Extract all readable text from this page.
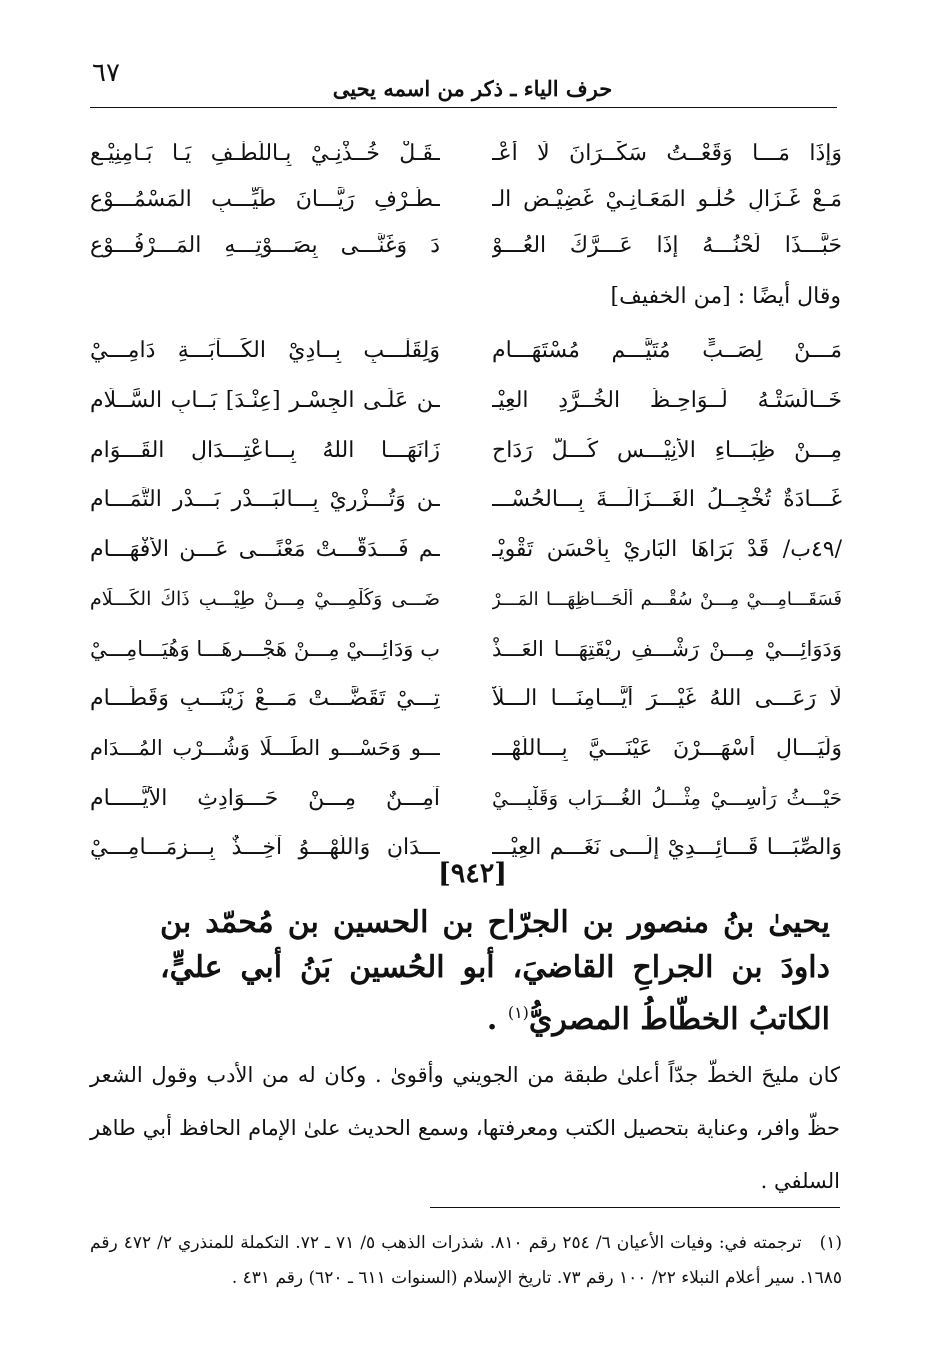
٦٧
حرف الياء ـ ذكر من اسمه يحيى
وَإِذَا مَـــا وَقَعْــتُ سَكْــرَانَ لَا أعْـ
ـقَـلْ خُــذْنِـيْ بِـاللُّطْـفِ يَـا بَـامِنِيْـعِ
مَـعْ غَـزَالٍ حُلْـوِ المَعَـانِـيْ غَضِيْـضِ الـ
ـطَّـرْفِ رَيَّـــانَ طَيِّـــبِ المَسْمُـــوْعِ
حَبَّـــذَا لَحْنُـــهُ إِذَا عَـــرَّكَ العُـــوْ
دَ وَغَنَّـــى بِصَـــوْتِـــهِ المَـــرْفُـــوْعِ
وقال أيضًا : [من الخفيف]
مَـــنْ لِصَــبٍّ مُتَيَّـــمٍ مُسْتَهَـــامِ
وَلِقَلْـــبٍ بِــادِيْ الكَـــآبَـــةِ دَامِـــيْ
خَــالَسَتْـهُ لَــوَاحِـظُ الخُــرَّدِ العِيْـ
ـنِ عَلَـى الجِسْـرِ [عِنْـدَ] بَــابِ السَّــلَامِ
مِـــنْ ظِبَـــاءِ الأَنِيْـــسِ كُـــلُّ رَدَاحٍ
زَانَهَـــا اللهُ بِـــاعْتِـــدَالِ القَـــوَامِ
غَـــادَةٌ تُخْجِــلُ الغَـــزَالَـــةَ بِـــالحُسْـــ
ـنِ وَتُـــزْرِيْ بِـــالبَـــدْرِ بَـــدْرِ التَّمَـــامِ
/٤٩ب/ قَدْ بَرَاهَا البَارِيْ بِأَحْسَنِ تَقْوِيْـ
ـمٍ فَـــدَقَّـــتْ مَعْنًـــى عَـــنِ الأَفْهَـــامِ
فَسَقَـــامِـــيْ مِـــنْ سُقْـــمِ أَلْحَـــاظِهَـــا المَـــرْ
ضَـــى وَكُلْمِـــيْ مِـــنْ طِيْـــبِ ذَاكَ الكَـــلَامِ
وَدَوَائِـــيْ مِـــنْ رَشْـــفِ رِيْقَتِهَـــا العَـــذْ
بِ وَدَائِـــيْ مِـــنْ هَجْـــرِهَـــا وَهُيَـــامِـــيْ
لَا رَعَـــى اللهُ غَيْـــرَ أَيَّـــامِنَـــا الـــلَّاْ
تِـــيْ تَقَضَّـــتْ مَـــعْ زَيْنَـــبٍ وَقَطَـــامِ
وَلَيَـــالٍ أَسْهَـــرْنَ عَيْنَـــيَّ بِـــاللَّهْـــ
ـــوِ وَحَسْـــوِ الطِّـــلَا وَشُـــرْبِ المُـــدَامِ
حَيْـــثُ رَأْسِـــيْ مِثْـــلُ الغُـــرَابِ وَقَلْبِـــيْ
آمِـــنٌ مِـــنْ حَـــوَادِثِ الأَيَّـــــامِ
وَالصِّبَـــا قَـــائِـــدِيْ إِلَـــى نَغَـــمِ العِيْـــ
ـــدَانِ وَاللَّهْـــوُ آخِـــذٌ بِـــزِمَـــامِـــيْ
[٩٤٢]
يحيىٰ بنُ منصور بن الجرّاح بن الحسين بن مُحمّد بن داودَ بن الجراحِ القاضيَ، أبو الحُسين بَنُ أبي عليٍّ، الكاتبُ الخطّاطُ المصريُّ$^{(١)}$ .
كان مليحَ الخطّ جدّاً أعلىٰ طبقة من الجويني وأقوىٰ . وكان له من الأدب وقول الشعر حظّ وافر، وعناية بتحصيل الكتب ومعرفتها، وسمع الحديث علىٰ الإمام الحافظ أبي طاهر السلفي .
(١)ترجمته في: وفيات الأعيان ٦/ ٢٥٤ رقم ٨١٠. شذرات الذهب ٥/ ٧١ ـ ٧٢. التكملة للمنذري ٢/ ٤٧٢ رقم ١٦٨٥. سير أعلام النبلاء ٢٢/ ١٠٠ رقم ٧٣. تاريخ الإسلام (السنوات ٦١١ ـ ٦٢٠) رقم ٤٣١ .
